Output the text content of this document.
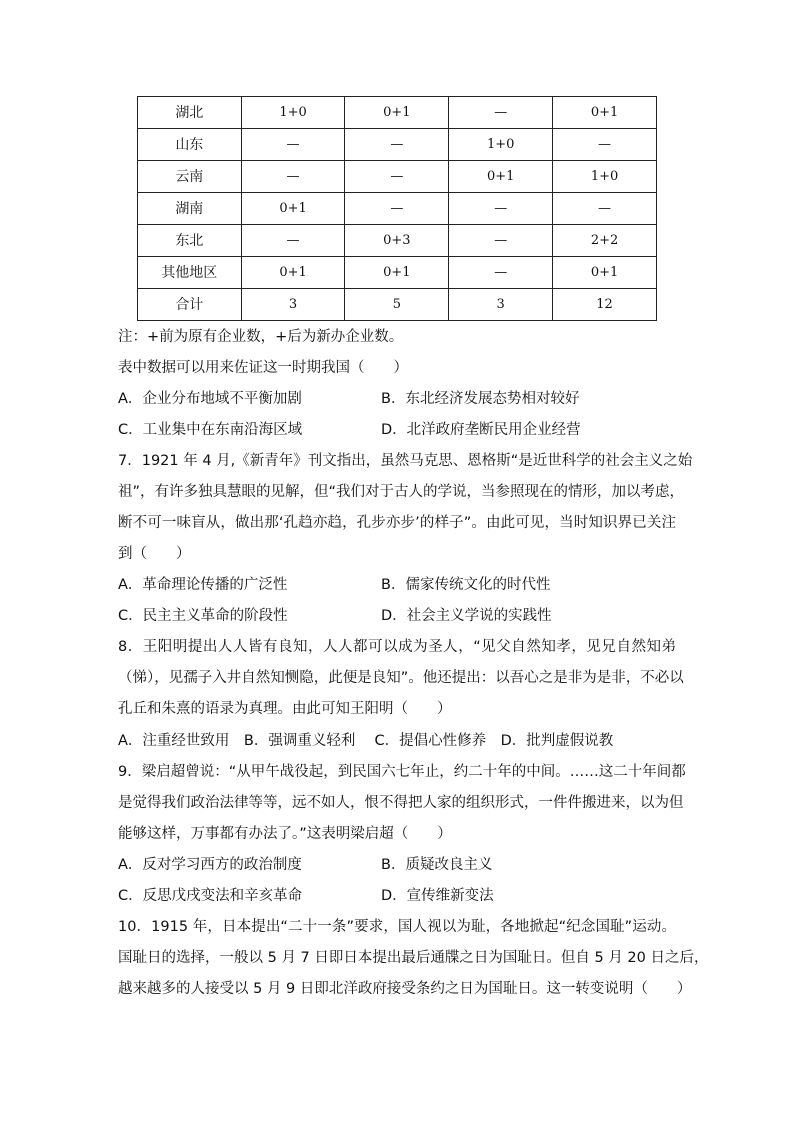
湖北	1+0	0+1	—	0+1
山东	—	—	1+0	—
云南	—	—	0+1	1+0
湖南	0+1	—	—	—
东北	—	0+3	—	2+2
其他地区	0+1	0+1	—	0+1
合计	3	5	3	12
注：+前为原有企业数，+后为新办企业数。
表中数据可以用来佐证这一时期我国（　　）
A．企业分布地域不平衡加剧	B．东北经济发展态势相对较好
C．工业集中在东南沿海区域	D．北洋政府垄断民用企业经营
7．1921 年 4 月,《新青年》刊文指出，虽然马克思、恩格斯“是近世科学的社会主义之始
祖”，有许多独具慧眼的见解，但“我们对于古人的学说，当参照现在的情形，加以考虑，
断不可一味盲从，做出那‘孔趋亦趋，孔步亦步’的样子”。由此可见，当时知识界已关注
到（　　）
A．革命理论传播的广泛性	B．儒家传统文化的时代性
C．民主主义革命的阶段性	D．社会主义学说的实践性
8．王阳明提出人人皆有良知，人人都可以成为圣人，“见父自然知孝，见兄自然知弟
（悌），见孺子入井自然知恻隐，此便是良知”。他还提出：以吾心之是非为是非，不必以
孔丘和朱熹的语录为真理。由此可知王阳明（　　）
A．注重经世致用　B．强调重义轻利　 C．提倡心性修养　D．批判虚假说教
9．梁启超曾说：“从甲午战役起，到民国六七年止，约二十年的中间。……这二十年间都
是觉得我们政治法律等等，远不如人，恨不得把人家的组织形式，一件件搬进来，以为但
能够这样，万事都有办法了。”这表明梁启超（　　）
A．反对学习西方的政治制度	B．质疑改良主义
C．反思戊戌变法和辛亥革命	D．宣传维新变法
10．1915 年，日本提出“二十一条”要求，国人视以为耻，各地掀起“纪念国耻”运动。
国耻日的选择，一般以 5 月 7 日即日本提出最后通牒之日为国耻日。但自 5 月 20 日之后，
越来越多的人接受以 5 月 9 日即北洋政府接受条约之日为国耻日。这一转变说明（　　）
